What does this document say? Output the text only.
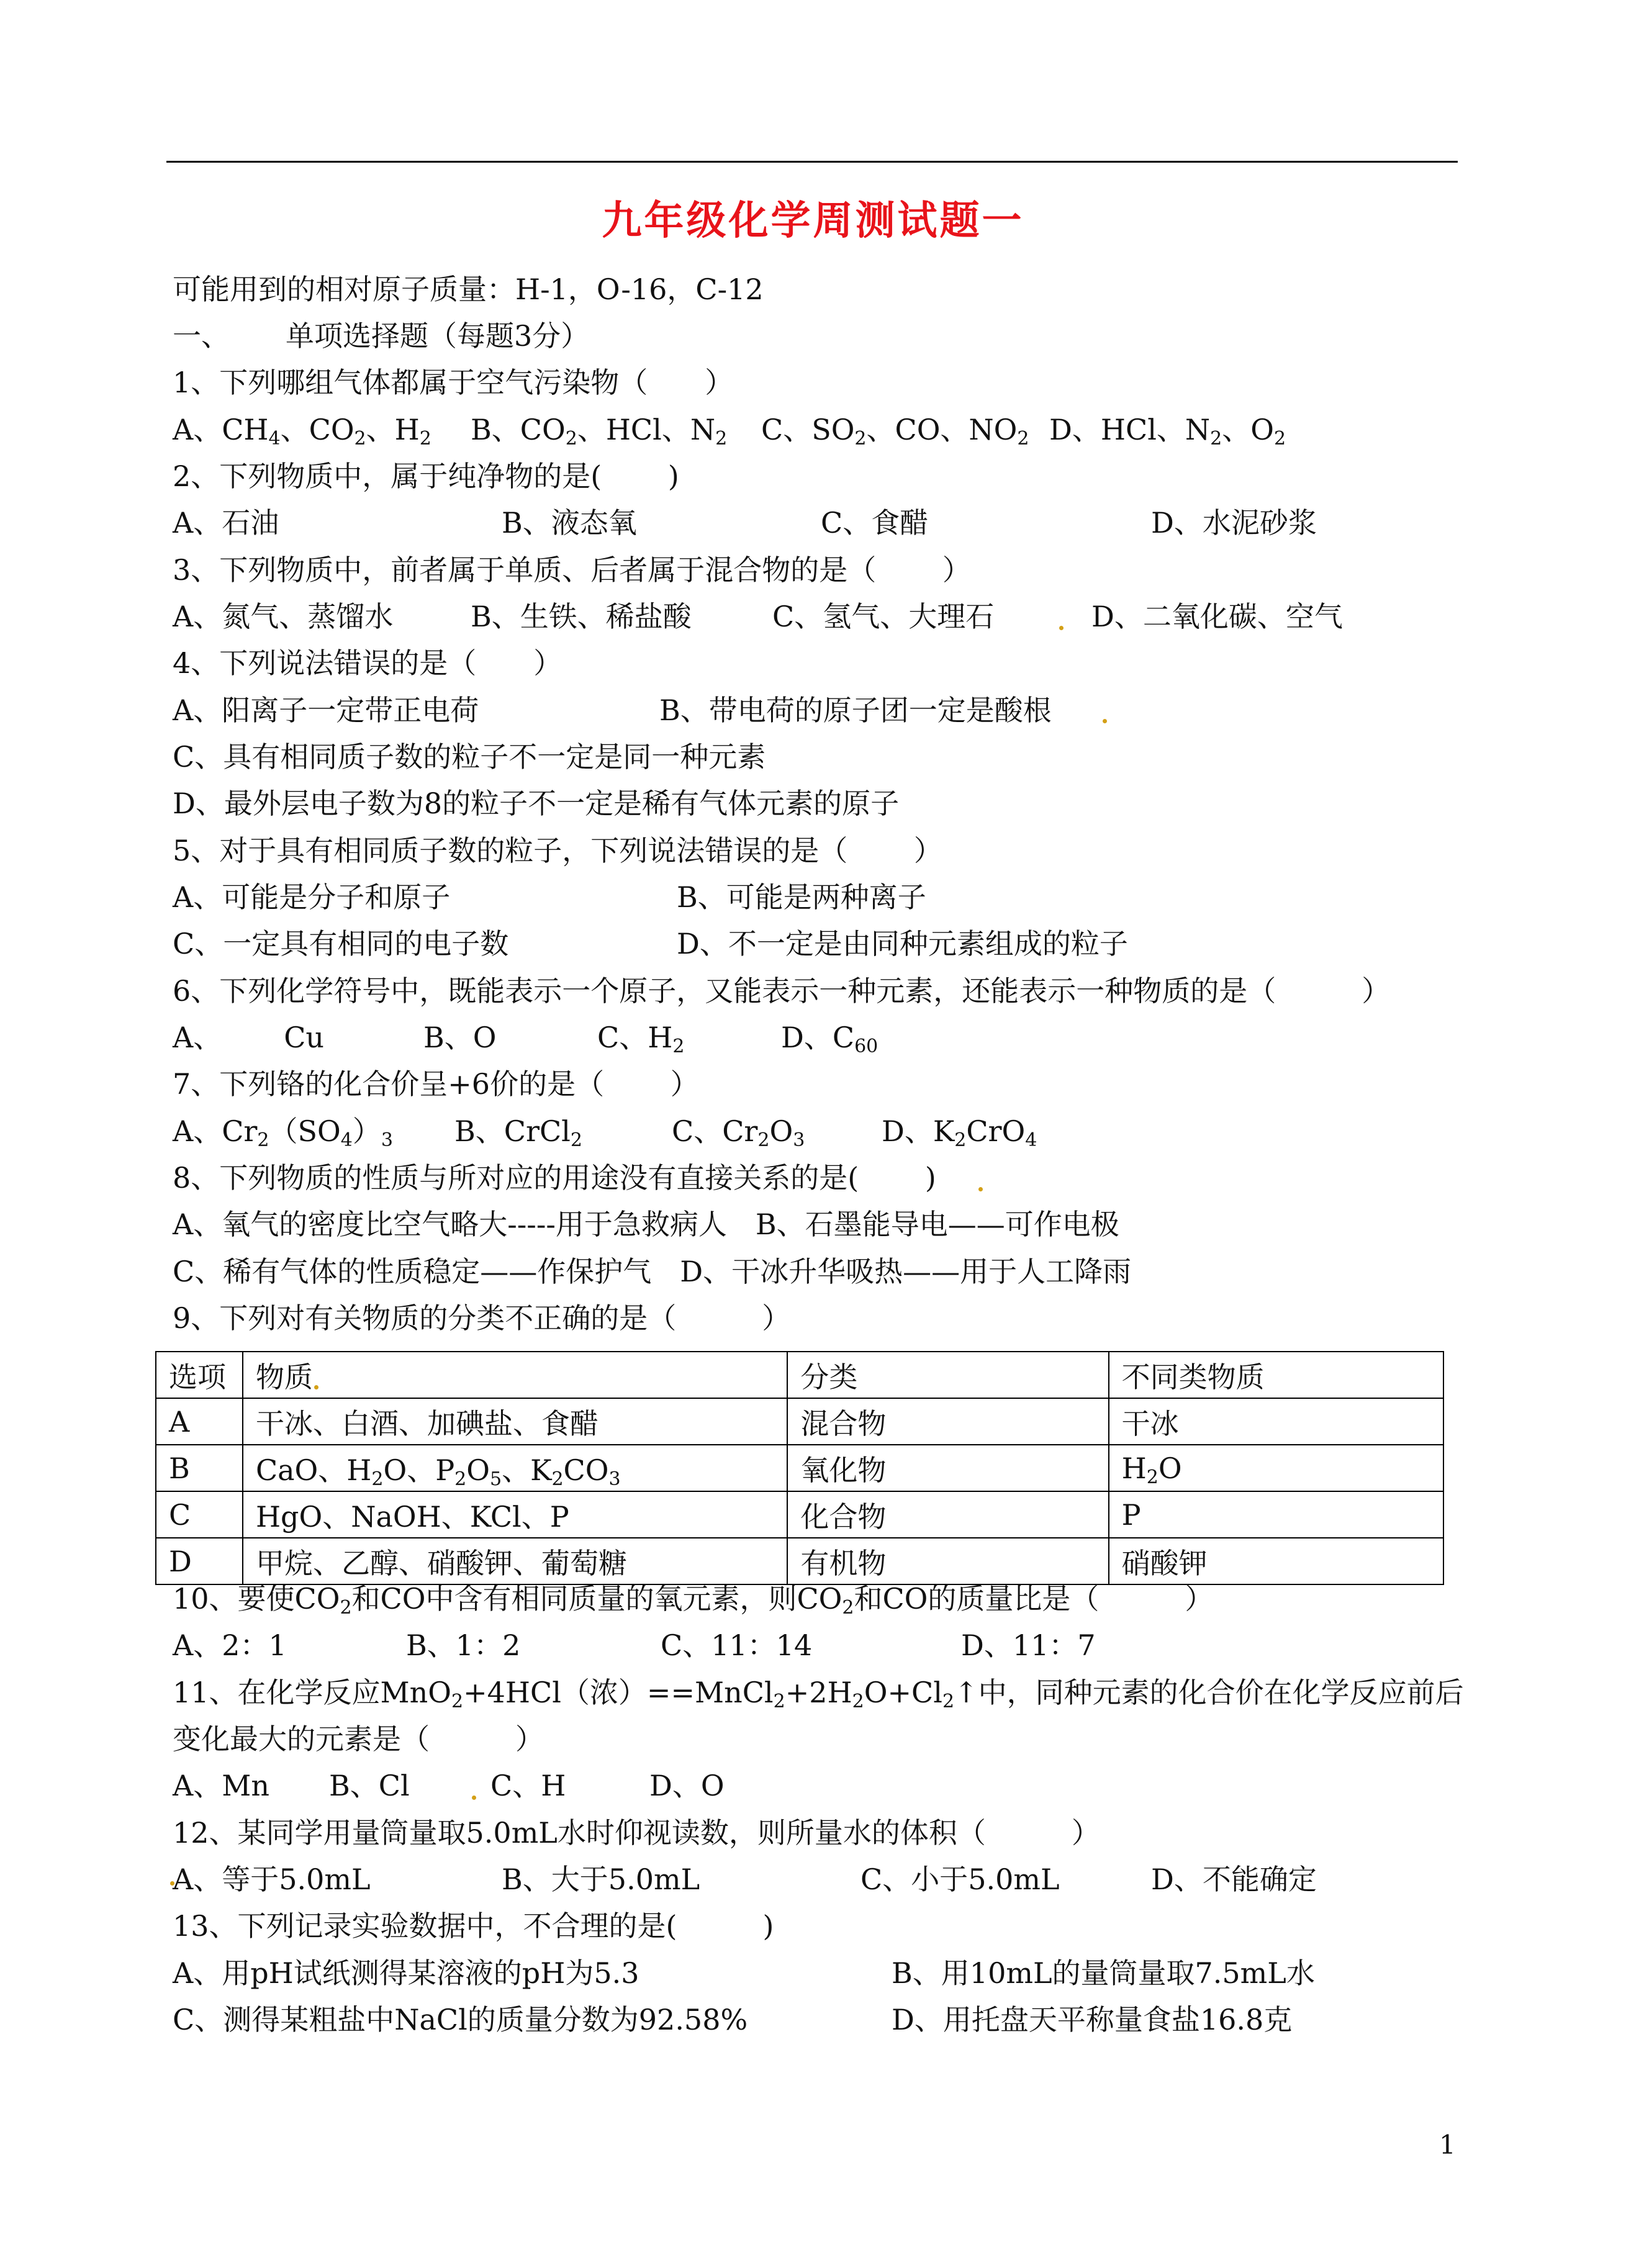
九年级化学周测试题一
可能用到的相对原子质量：H-1，O-16，C-12
一、 单项选择题（每题3分）
1、下列哪组气体都属于空气污染物（　　）
A、$CH_4$、$CO_2$、$H_2$ B、$CO_2$、HCl、$N_2$ C、$SO_2$、CO、$NO_2$ D、HCl、$N_2$、$O_2$
2、下列物质中，属于纯净物的是(　　 )
A、石油	B、液态氧	C、食醋	D、水泥砂浆
3、下列物质中，前者属于单质、后者属于混合物的是（　　 ）
A、氮气、蒸馏水	B、生铁、稀盐酸	C、氢气、大理石	D、二氧化碳、空气
4、下列说法错误的是（　　）
A、阳离子一定带正电荷	B、带电荷的原子团一定是酸根
C、具有相同质子数的粒子不一定是同一种元素
D、最外层电子数为8的粒子不一定是稀有气体元素的原子
5、对于具有相同质子数的粒子，下列说法错误的是（　　 ）
A、可能是分子和原子	B、可能是两种离子
C、一定具有相同的电子数	D、不一定是由同种元素组成的粒子
6、下列化学符号中，既能表示一个原子，又能表示一种元素，还能表示一种物质的是（　　　）
A、 Cu	B、O	C、$H_2$	D、$C_{60}$
7、下列铬的化合价呈+6价的是（　　 ）
A、$Cr_2(SO_4)_3$ B、CrCl$_2$	C、$Cr_2O_3$	D、$K_2CrO_4$
8、下列物质的性质与所对应的用途没有直接关系的是(　　 )
A、氧气的密度比空气略大-----用于急救病人　B、石墨能导电——可作电极
C、稀有气体的性质稳定——作保护气　D、干冰升华吸热——用于人工降雨
9、下列对有关物质的分类不正确的是（　　　）
选项	物质	分类	不同类物质
A	干冰、白酒、加碘盐、食醋	混合物	干冰
B	CaO、$H_2O$、$P_2O_5$、$K_2CO_3$	氧化物	$H_2O$
C	HgO、NaOH、KCl、P	化合物	P
D	甲烷、乙醇、硝酸钾、葡萄糖	有机物	硝酸钾
10、要使$CO_2$和CO中含有相同质量的氧元素，则$CO_2$和CO的质量比是（　　　）
A、2：1	B、1：2	C、11：14	D、11：7
11、在化学反应MnO$_2$+4HCl（浓）$==MnCl_2+2H_2O+Cl_2↑$中，同种元素的化合价在化学反应前后
变化最大的元素是（　　　）
A、Mn B、Cl	C、H	D、O
12、某同学用量筒量取5.0mL水时仰视读数，则所量水的体积（　　　）
A、等于5.0mL	B、大于5.0mL	C、小于5.0mL	D、不能确定
13、下列记录实验数据中，不合理的是(　　　)
A、用pH试纸测得某溶液的pH为5.3	B、用10mL的量筒量取7.5mL水
C、测得某粗盐中NaCl的质量分数为92.58%	D、用托盘天平称量食盐16.8克
1
